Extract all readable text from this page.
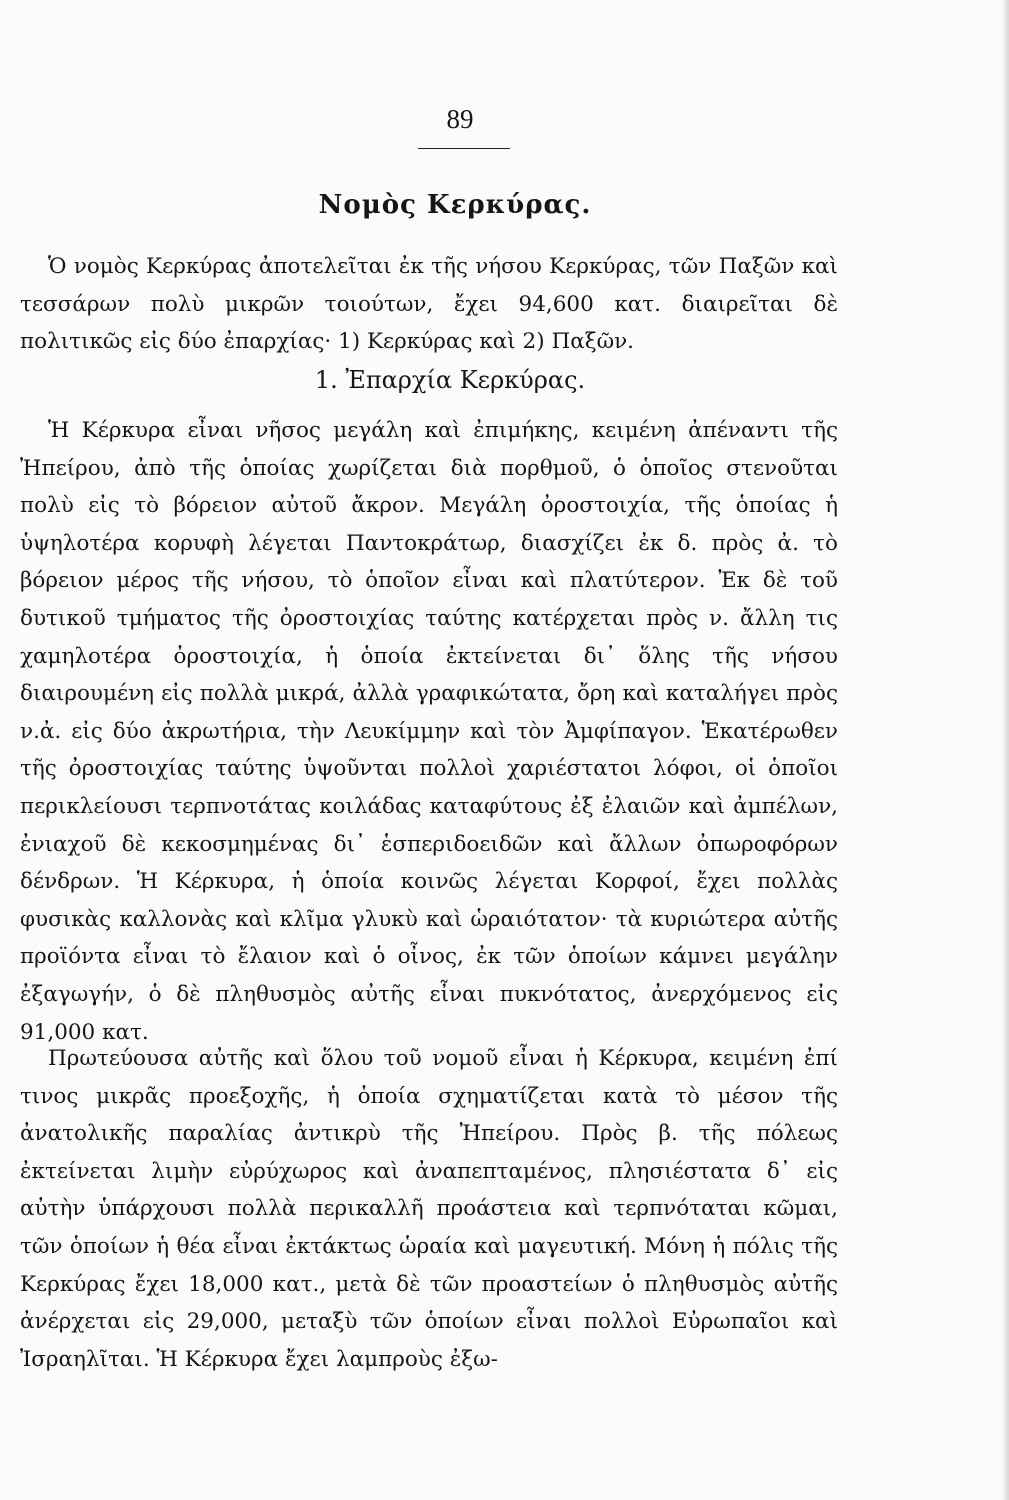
89
Νομὸς Κερκύρας.

Ὁ νομὸς Κερκύρας ἀποτελεῖται ἐκ τῆς νήσου Κερκύρας, τῶν Παξῶν καὶ τεσσάρων πολὺ μικρῶν τοιούτων, ἔχει 94,600 κατ. διαιρεῖται δὲ πολιτικῶς εἰς δύο ἐπαρχίας· 1) Κερκύρας καὶ 2) Παξῶν.

1. Ἐπαρχία Κερκύρας.

Ἡ Κέρκυρα εἶναι νῆσος μεγάλη καὶ ἐπιμήκης, κειμένη ἀπέναντι τῆς Ἠπείρου, ἀπὸ τῆς ὁποίας χωρίζεται διὰ πορθμοῦ, ὁ ὁποῖος στενοῦται πολὺ εἰς τὸ βόρειον αὐτοῦ ἄκρον. Μεγάλη ὀροστοιχία, τῆς ὁποίας ἡ ὑψηλοτέρα κορυφὴ λέγεται Παντοκράτωρ, διασχίζει ἐκ δ. πρὸς ἀ. τὸ βόρειον μέρος τῆς νήσου, τὸ ὁποῖον εἶναι καὶ πλατύτερον. Ἐκ δὲ τοῦ δυτικοῦ τμήματος τῆς ὀροστοιχίας ταύτης κατέρχεται πρὸς ν. ἄλλη τις χαμηλοτέρα ὀροστοιχία, ἡ ὁποία ἐκτείνεται δι᾽ ὅλης τῆς νήσου διαιρουμένη εἰς πολλὰ μικρά, ἀλλὰ γραφικώτατα, ὄρη καὶ καταλήγει πρὸς ν.ἀ. εἰς δύο ἀκρωτήρια, τὴν Λευκίμμην καὶ τὸν Ἀμφίπαγον. Ἑκατέρωθεν τῆς ὀροστοιχίας ταύτης ὑψοῦνται πολλοὶ χαριέστατοι λόφοι, οἱ ὁποῖοι περικλείουσι τερπνοτάτας κοιλάδας καταφύτους ἐξ ἐλαιῶν καὶ ἀμπέλων, ἐνιαχοῦ δὲ κεκοσμημένας δι᾽ ἑσπεριδοειδῶν καὶ ἄλλων ὀπωροφόρων δένδρων. Ἡ Κέρκυρα, ἡ ὁποία κοινῶς λέγεται Κορφοί, ἔχει πολλὰς φυσικὰς καλλονὰς καὶ κλῖμα γλυκὺ καὶ ὡραιότατον· τὰ κυριώτερα αὐτῆς προϊόντα εἶναι τὸ ἔλαιον καὶ ὁ οἶνος, ἐκ τῶν ὁποίων κάμνει μεγάλην ἐξαγωγήν, ὁ δὲ πληθυσμὸς αὐτῆς εἶναι πυκνότατος, ἀνερχόμενος εἰς 91,000 κατ.

Πρωτεύουσα αὐτῆς καὶ ὅλου τοῦ νομοῦ εἶναι ἡ Κέρκυρα, κειμένη ἐπί τινος μικρᾶς προεξοχῆς, ἡ ὁποία σχηματίζεται κατὰ τὸ μέσον τῆς ἀνατολικῆς παραλίας ἀντικρὺ τῆς Ἠπείρου. Πρὸς β. τῆς πόλεως ἐκτείνεται λιμὴν εὐρύχωρος καὶ ἀναπεπταμένος, πλησιέστατα δ᾽ εἰς αὐτὴν ὑπάρχουσι πολλὰ περικαλλῆ προάστεια καὶ τερπνόταται κῶμαι, τῶν ὁποίων ἡ θέα εἶναι ἐκτάκτως ὡραία καὶ μαγευτική. Μόνη ἡ πόλις τῆς Κερκύρας ἔχει 18,000 κατ., μετὰ δὲ τῶν προαστείων ὁ πληθυσμὸς αὐτῆς ἀνέρχεται εἰς 29,000, μεταξὺ τῶν ὁποίων εἶναι πολλοὶ Εὐρωπαῖοι καὶ Ἰσραηλῖται. Ἡ Κέρκυρα ἔχει λαμπροὺς ἐξω-
